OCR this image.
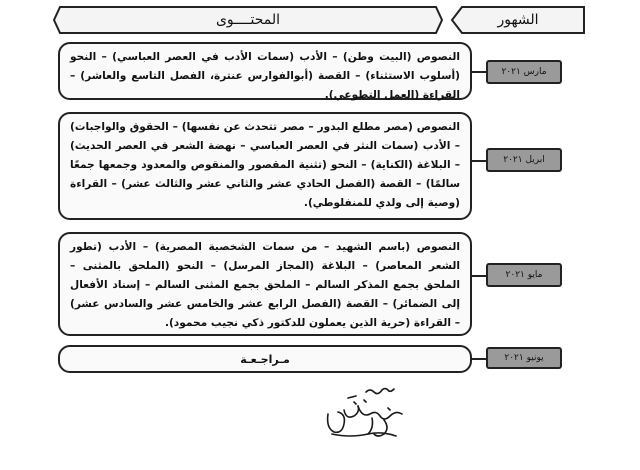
المحتــــوى	الشهور
النصوص (البيت وطن) – الأدب (سمات الأدب في العصر العباسي) – النحو (أسلوب الاستثناء) – القصة (أبوالفوارس عنترة، الفصل التاسع والعاشر) – القراءة (العمل التطوعي).
مارس ٢٠٢١
النصوص (مصر مطلع البدور – مصر تتحدث عن نفسها) – الحقوق والواجبات) – الأدب (سمات النثر في العصر العباسي – نهضة الشعر في العصر الحديث) – البلاغة (الكناية) – النحو (تثنية المقصور والمنقوص والمعدود وجمعها جمعًا سالمًا) – القصة (الفصل الحادي عشر والثاني عشر والثالث عشر) – القراءة (وصية إلى ولدي للمنفلوطي).
ابريل ٢٠٢١
النصوص (باسم الشهيد – من سمات الشخصية المصرية) – الأدب (تطور الشعر المعاصر) – البلاغة (المجاز المرسل) – النحو (الملحق بالمثنى – الملحق بجمع المذكر السالم – الملحق بجمع المثنى السالم – إسناد الأفعال إلى الضمائر) – القصة (الفصل الرابع عشر والخامس عشر والسادس عشر) – القراءة (حرية الذين يعملون للدكتور ذكي نجيب محمود).
مايو ٢٠٢١
مـراجـعـة	يونيو ٢٠٢١
